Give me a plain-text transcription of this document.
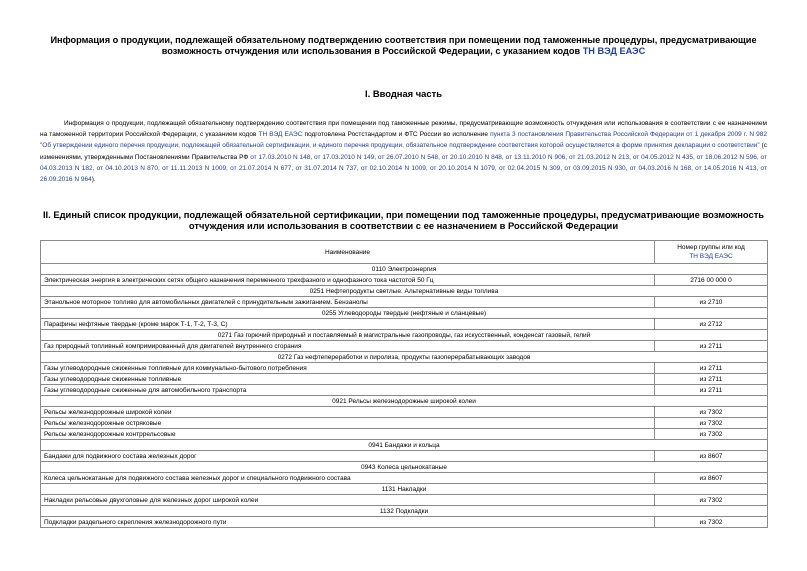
Информация о продукции, подлежащей обязательному подтверждению соответствия при помещении под таможенные процедуры, предусматривающие возможность отчуждения или использования в Российской Федерации, с указанием кодов ТН ВЭД ЕАЭС
I. Вводная часть
Информация о продукции, подлежащей обязательному подтверждению соответствия при помещении под таможенные режимы, предусматривающие возможность отчуждения или использования в соответствии с ее назначением на таможенной территории Российской Федерации, с указанием кодов ТН ВЭД ЕАЭС подготовлена Ростстандартом и ФТС России во исполнение пункта 3 постановления Правительства Российской Федерации от 1 декабря 2009 г. N 982 "Об утверждении единого перечня продукции, подлежащей обязательной сертификации, и единого перечня продукции, обязательное подтверждение соответствия которой осуществляется в форме принятия декларации о соответствии" (с изменениями, утвержденными Постановлениями Правительства РФ от 17.03.2010 N 148, от 17.03.2010 N 149, от 26.07.2010 N 548, от 20.10.2010 N 848, от 13.11.2010 N 906, от 21.03.2012 N 213, от 04.05.2012 N 435, от 18.06.2012 N 596, от 04.03.2013 N 182, от 04.10.2013 N 870, от 11.11.2013 N 1009, от 21.07.2014 N 677, от 31.07.2014 N 737, от 02.10.2014 N 1009, от 20.10.2014 N 1079, от 02.04.2015 N 309, от 03.09.2015 N 930, от 04.03.2016 N 168, от 14.05.2016 N 413, от 26.09.2016 N 964).
II. Единый список продукции, подлежащей обязательной сертификации, при помещении под таможенные процедуры, предусматривающие возможность отчуждения или использования в соответствии с ее назначением в Российской Федерации
Наименование	Номер группы или код
ТН ВЭД ЕАЭС
0110 Электроэнергия	
Электрическая энергия в электрических сетях общего назначения переменного трехфазного и однофазного тока частотой 50 Гц	2716 00 000 0
0251 Нефтепродукты светлые. Альтернативные виды топлива	
Этанольное моторное топливо для автомобильных двигателей с принудительным зажиганием. Бензанолы	из 2710
0255 Углеводороды твердые (нефтяные и сланцевые)	
Парафины нефтяные твердые (кроме марок Т-1, Т-2, Т-3, С)	из 2712
0271 Газ горючий природный и поставляемый в магистральные газопроводы, газ искусственный, конденсат газовый, гелий	
Газ природный топливный компримированный для двигателей внутреннего сгорания	из 2711
0272 Газ нефтепереработки и пиролиза, продукты газоперерабатывающих заводов	
Газы углеводородные сжиженные топливные для коммунально-бытового потребления	из 2711
Газы углеводородные сжиженные топливные	из 2711
Газы углеводородные сжиженные для автомобильного транспорта	из 2711
0921 Рельсы железнодорожные широкой колеи	
Рельсы железнодорожные широкой колеи	из 7302
Рельсы железнодорожные остряковые	из 7302
Рельсы железнодорожные контррельсовые	из 7302
0941 Бандажи и кольца	
Бандажи для подвижного состава железных дорог	из 8607
0943 Колеса цельнокатаные	
Колеса цельнокатаные для подвижного состава железных дорог и специального подвижного состава	из 8607
1131 Накладки	
Накладки рельсовые двухголовые для железных дорог широкой колеи	из 7302
1132 Подкладки	
Подкладки раздельного скрепления железнодорожного пути	из 7302
